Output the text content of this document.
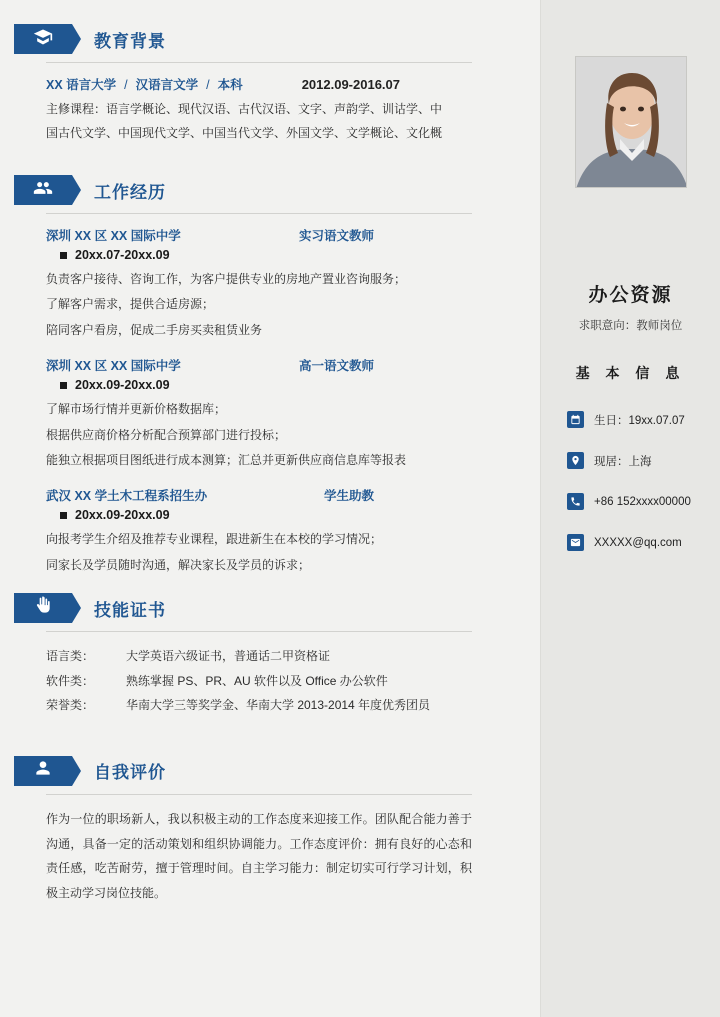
教育背景
XX 语言大学 / 汉语言文学 / 本科	2012.09-2016.07
主修课程：语言学概论、现代汉语、古代汉语、文字、声韵学、训诂学、中
国古代文学、中国现代文学、中国当代文学、外国文学、文学概论、文化概
工作经历
深圳 XX 区 XX 国际中学	实习语文教师
20xx.07-20xx.09
负责客户接待、咨询工作，为客户提供专业的房地产置业咨询服务；
了解客户需求，提供合适房源；
陪同客户看房，促成二手房买卖租赁业务
深圳 XX 区 XX 国际中学	高一语文教师
20xx.09-20xx.09
了解市场行情并更新价格数据库；
根据供应商价格分析配合预算部门进行投标；
能独立根据项目图纸进行成本测算；汇总并更新供应商信息库等报表
武汉 XX 学土木工程系招生办	学生助教
20xx.09-20xx.09
向报考学生介绍及推荐专业课程，跟进新生在本校的学习情况；
同家长及学员随时沟通，解决家长及学员的诉求；
技能证书
语言类：	大学英语六级证书，普通话二甲资格证
软件类：	熟练掌握 PS、PR、AU 软件以及 Office 办公软件
荣誉类：	华南大学三等奖学金、华南大学 2013-2014 年度优秀团员
自我评价
作为一位的职场新人，我以积极主动的工作态度来迎接工作。团队配合能力善于沟通，具备一定的活动策划和组织协调能力。工作态度评价：拥有良好的心态和责任感，吃苦耐劳，擅于管理时间。自主学习能力：制定切实可行学习计划，积极主动学习岗位技能。
办公资源
求职意向：教师岗位
基 本 信 息
生日：19xx.07.07
现居：上海
+86 152xxxx00000
XXXXX@qq.com
